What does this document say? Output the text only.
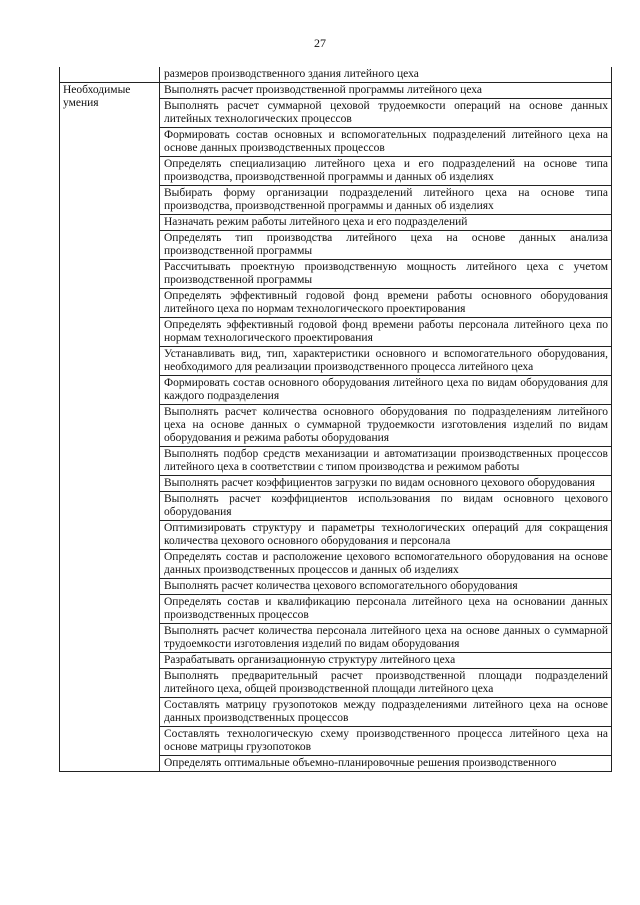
27
	размеров производственного здания литейного цеха
Необходимые умения	Выполнять расчет производственной программы литейного цеха
	Выполнять расчет суммарной цеховой трудоемкости операций на основе данных литейных технологических процессов
	Формировать состав основных и вспомогательных подразделений литейного цеха на основе данных производственных процессов
	Определять специализацию литейного цеха и его подразделений на основе типа производства, производственной программы и данных об изделиях
	Выбирать форму организации подразделений литейного цеха на основе типа производства, производственной программы и данных об изделиях
	Назначать режим работы литейного цеха и его подразделений
	Определять тип производства литейного цеха на основе данных анализа производственной программы
	Рассчитывать проектную производственную мощность литейного цеха с учетом производственной программы
	Определять эффективный годовой фонд времени работы основного оборудования литейного цеха по нормам технологического проектирования
	Определять эффективный годовой фонд времени работы персонала литейного цеха по нормам технологического проектирования
	Устанавливать вид, тип, характеристики основного и вспомогательного оборудования, необходимого для реализации производственного процесса литейного цеха
	Формировать состав основного оборудования литейного цеха по видам оборудования для каждого подразделения
	Выполнять расчет количества основного оборудования по подразделениям литейного цеха на основе данных о суммарной трудоемкости изготовления изделий по видам оборудования и режима работы оборудования
	Выполнять подбор средств механизации и автоматизации производственных процессов литейного цеха в соответствии с типом производства и режимом работы
	Выполнять расчет коэффициентов загрузки по видам основного цехового оборудования
	Выполнять расчет коэффициентов использования по видам основного цехового оборудования
	Оптимизировать структуру и параметры технологических операций для сокращения количества цехового основного оборудования и персонала
	Определять состав и расположение цехового вспомогательного оборудования на основе данных производственных процессов и данных об изделиях
	Выполнять расчет количества цехового вспомогательного оборудования
	Определять состав и квалификацию персонала литейного цеха на основании данных производственных процессов
	Выполнять расчет количества персонала литейного цеха на основе данных о суммарной трудоемкости изготовления изделий по видам оборудования
	Разрабатывать организационную структуру литейного цеха
	Выполнять предварительный расчет производственной площади подразделений литейного цеха, общей производственной площади литейного цеха
	Составлять матрицу грузопотоков между подразделениями литейного цеха на основе данных производственных процессов
	Составлять технологическую схему производственного процесса литейного цеха на основе матрицы грузопотоков
	Определять оптимальные объемно-планировочные решения производственного
